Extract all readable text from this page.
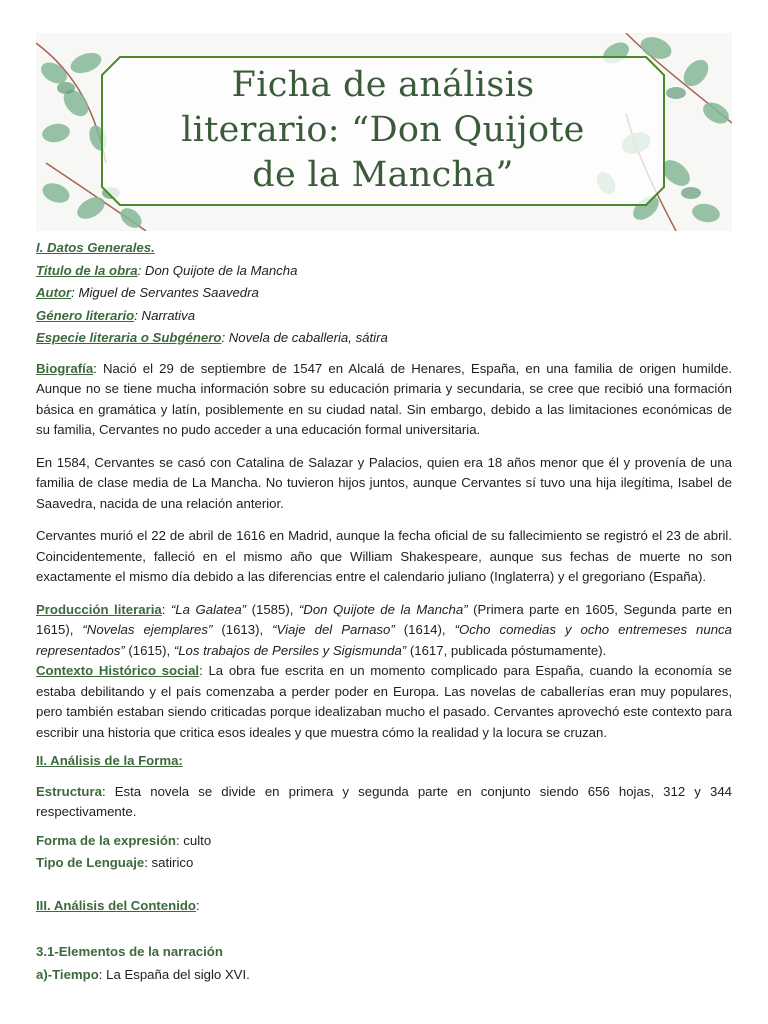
Ficha de análisis
literario: “Don Quijote
de la Mancha”
I. Datos Generales.
Titulo de la obra: Don Quijote de la Mancha
Autor: Miguel de Servantes Saavedra
Género literario: Narrativa
Especie literaria o Subgénero: Novela de caballeria, sátira

Biografía: Nació el 29 de septiembre de 1547 en Alcalá de Henares, España, en una familia de origen humilde. Aunque no se tiene mucha información sobre su educación primaria y secundaria, se cree que recibió una formación básica en gramática y latín, posiblemente en su ciudad natal. Sin embargo, debido a las limitaciones económicas de su familia, Cervantes no pudo acceder a una educación formal universitaria.

En 1584, Cervantes se casó con Catalina de Salazar y Palacios, quien era 18 años menor que él y provenía de una familia de clase media de La Mancha. No tuvieron hijos juntos, aunque Cervantes sí tuvo una hija ilegítima, Isabel de Saavedra, nacida de una relación anterior.

Cervantes murió el 22 de abril de 1616 en Madrid, aunque la fecha oficial de su fallecimiento se registró el 23 de abril. Coincidentemente, falleció en el mismo año que William Shakespeare, aunque sus fechas de muerte no son exactamente el mismo día debido a las diferencias entre el calendario juliano (Inglaterra) y el gregoriano (España).

Producción literaria: “La Galatea” (1585), “Don Quijote de la Mancha” (Primera parte en 1605, Segunda parte en 1615), “Novelas ejemplares” (1613), “Viaje del Parnaso” (1614), “Ocho comedias y ocho entremeses nunca representados” (1615), “Los trabajos de Persiles y Sigismunda” (1617, publicada póstumamente).

Contexto Histórico social: La obra fue escrita en un momento complicado para España, cuando la economía se estaba debilitando y el país comenzaba a perder poder en Europa. Las novelas de caballerías eran muy populares, pero también estaban siendo criticadas porque idealizaban mucho el pasado. Cervantes aprovechó este contexto para escribir una historia que critica esos ideales y que muestra cómo la realidad y la locura se cruzan.

II. Análisis de la Forma:

Estructura: Esta novela se divide en primera y segunda parte en conjunto siendo 656 hojas, 312 y 344 respectivamente.

Forma de la expresión: culto
Tipo de Lenguaje: satirico
III. Análisis del Contenido:
3.1-Elementos de la narración
a)-Tiempo: La España del siglo XVI.
